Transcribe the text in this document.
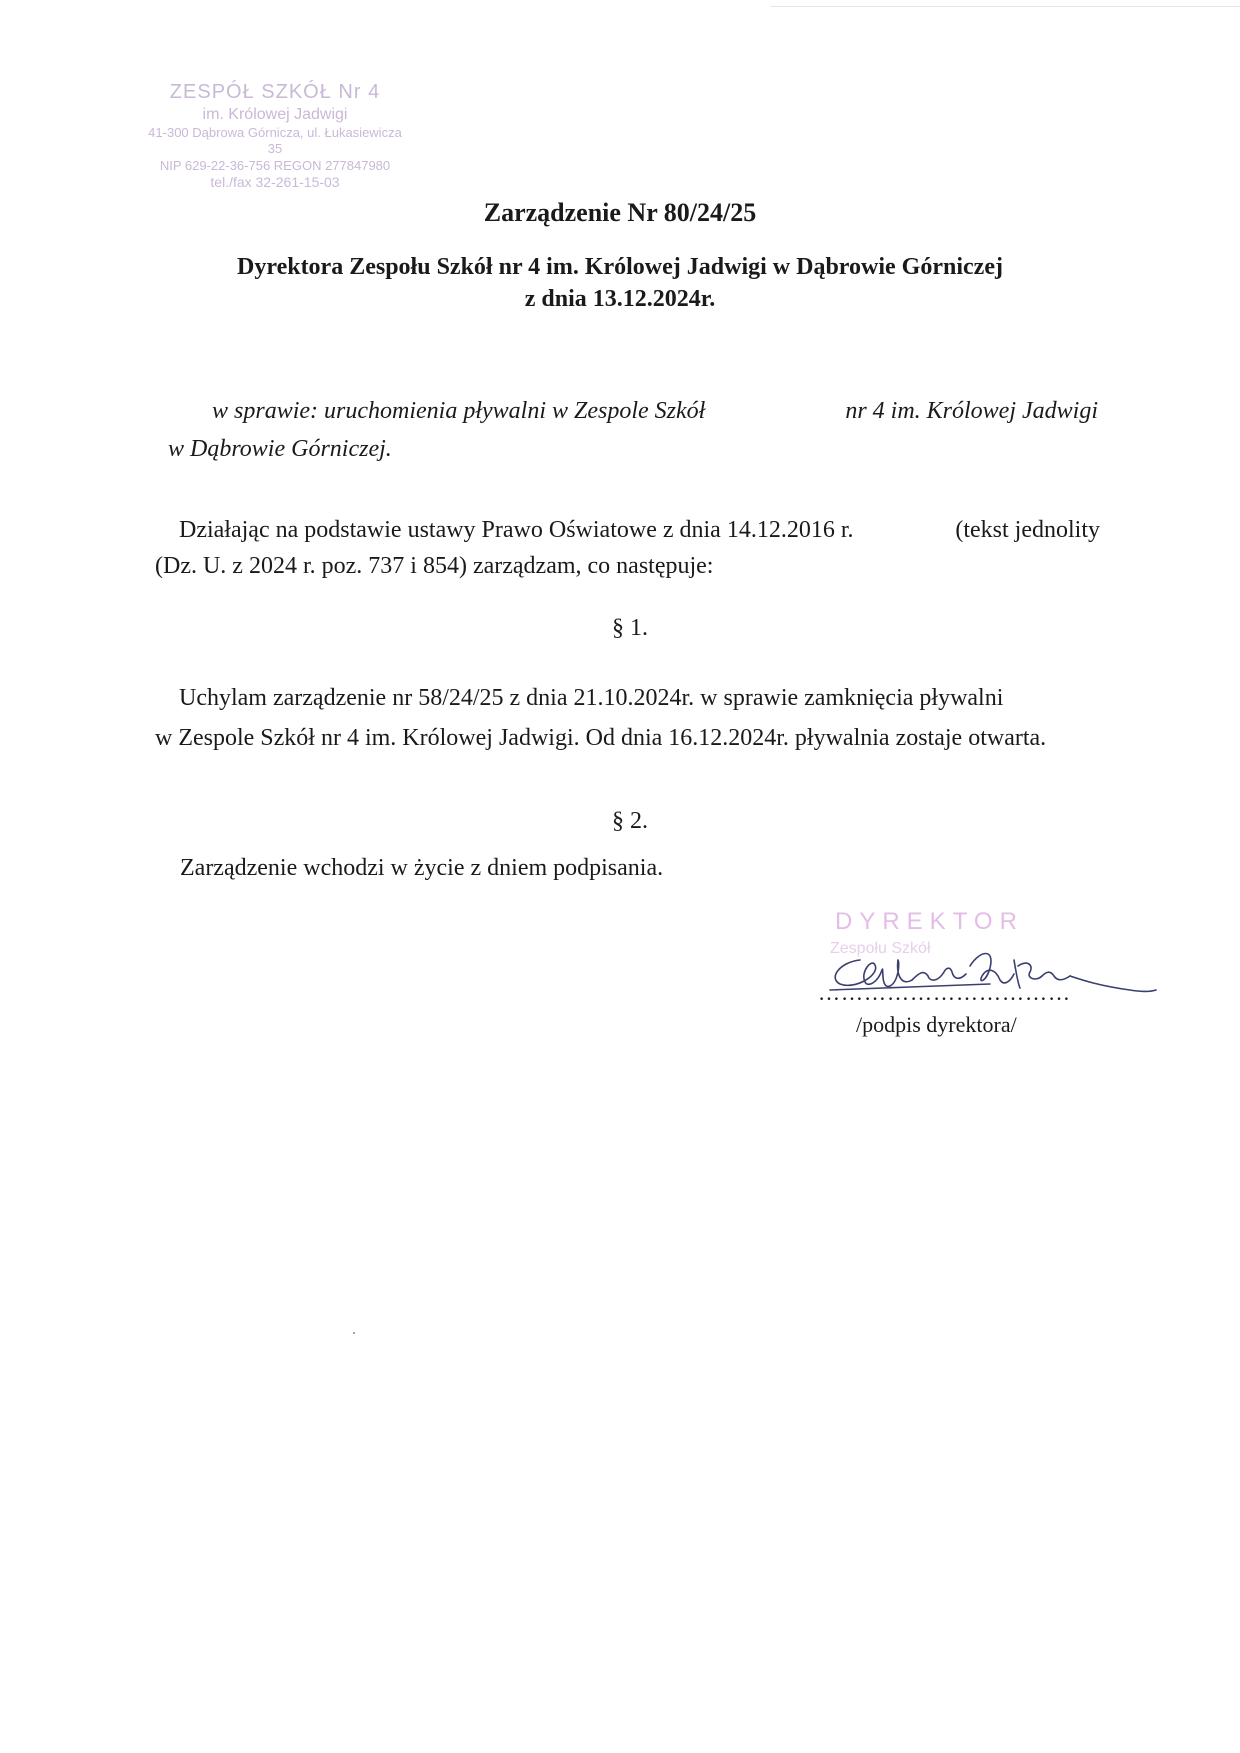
ZESPÓŁ SZKÓŁ Nr 4
im. Królowej Jadwigi
41-300 Dąbrowa Górnicza, ul. Łukasiewicza 35
NIP 629-22-36-756 REGON 277847980
tel./fax 32-261-15-03
Zarządzenie Nr 80/24/25
Dyrektora Zespołu Szkół nr 4 im. Królowej Jadwigi w Dąbrowie Górniczej
z dnia 13.12.2024r.
w sprawie: uruchomienia pływalni w Zespole Szkół	nr 4 im. Królowej Jadwigi
w Dąbrowie Górniczej.
Działając na podstawie ustawy Prawo Oświatowe z dnia 14.12.2016 r.	(tekst jednolity
(Dz. U. z 2024 r. poz. 737 i 854) zarządzam, co następuje:
§ 1.
Uchylam zarządzenie nr 58/24/25 z dnia 21.10.2024r. w sprawie zamknięcia pływalni
w Zespole Szkół nr 4 im. Królowej Jadwigi. Od dnia 16.12.2024r. pływalnia zostaje otwarta.
§ 2.
Zarządzenie wchodzi w życie z dniem podpisania.
DYREKTOR
Zespołu Szkół
……………………………
/podpis dyrektora/
